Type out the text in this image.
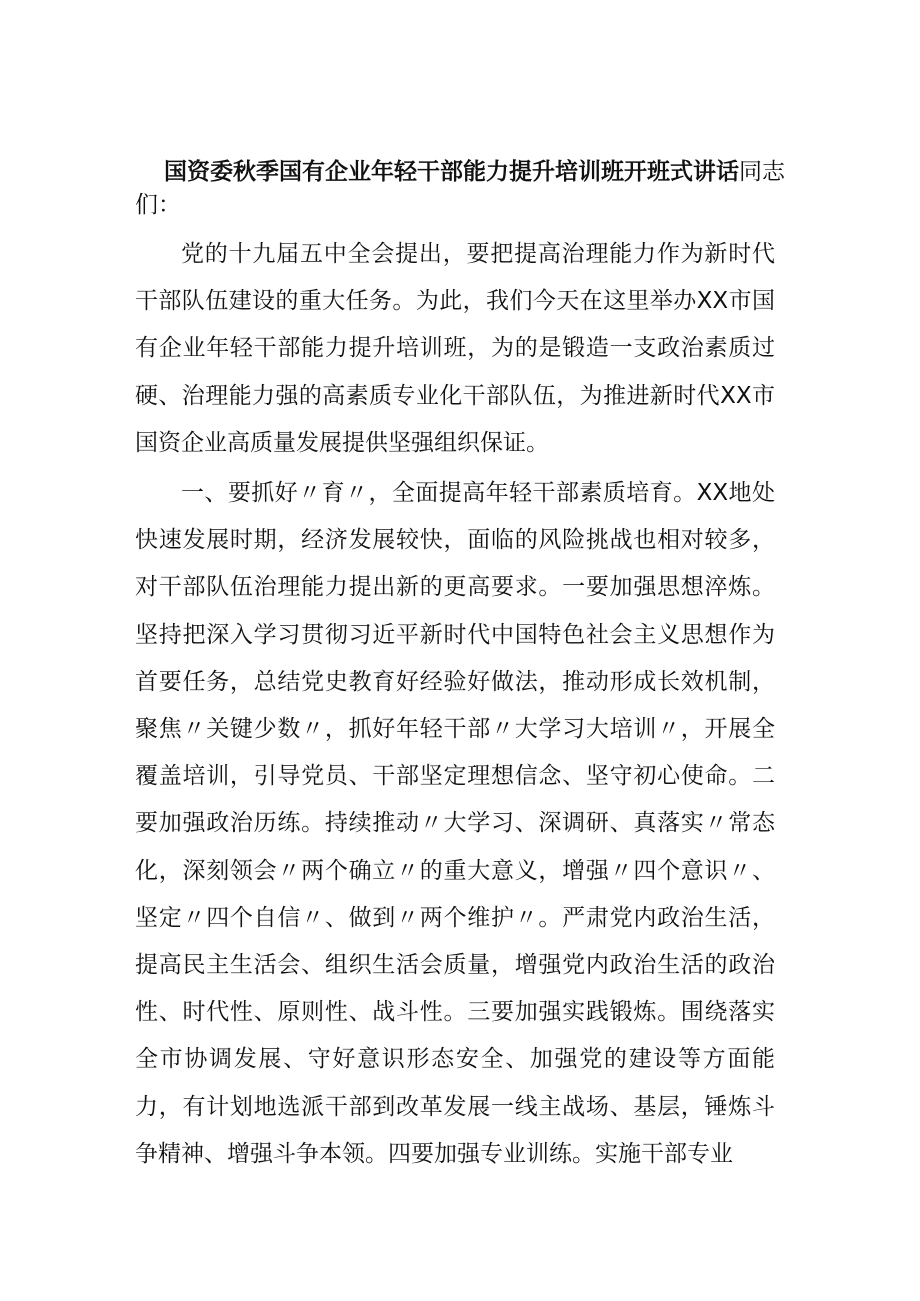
国资委秋季国有企业年轻干部能力提升培训班开班式讲话同志

们：

党的十九届五中全会提出，要把提高治理能力作为新时代干部队伍建设的重大任务。为此，我们今天在这里举办XX市国有企业年轻干部能力提升培训班，为的是锻造一支政治素质过硬、治理能力强的高素质专业化干部队伍，为推进新时代XX市国资企业高质量发展提供坚强组织保证。

一、要抓好〃育〃，全面提高年轻干部素质培育。XX地处快速发展时期，经济发展较快，面临的风险挑战也相对较多，对干部队伍治理能力提出新的更高要求。一要加强思想淬炼。坚持把深入学习贯彻习近平新时代中国特色社会主义思想作为首要任务，总结党史教育好经验好做法，推动形成长效机制，聚焦〃关键少数〃，抓好年轻干部〃大学习大培训〃，开展全覆盖培训，引导党员、干部坚定理想信念、坚守初心使命。二要加强政治历练。持续推动〃大学习、深调研、真落实〃常态化，深刻领会〃两个确立〃的重大意义，增强〃四个意识〃、坚定〃四个自信〃、做到〃两个维护〃。严肃党内政治生活，提高民主生活会、组织生活会质量，增强党内政治生活的政治性、时代性、原则性、战斗性。三要加强实践锻炼。围绕落实全市协调发展、守好意识形态安全、加强党的建设等方面能力，有计划地选派干部到改革发展一线主战场、基层，锤炼斗争精神、增强斗争本领。四要加强专业训练。实施干部专业
